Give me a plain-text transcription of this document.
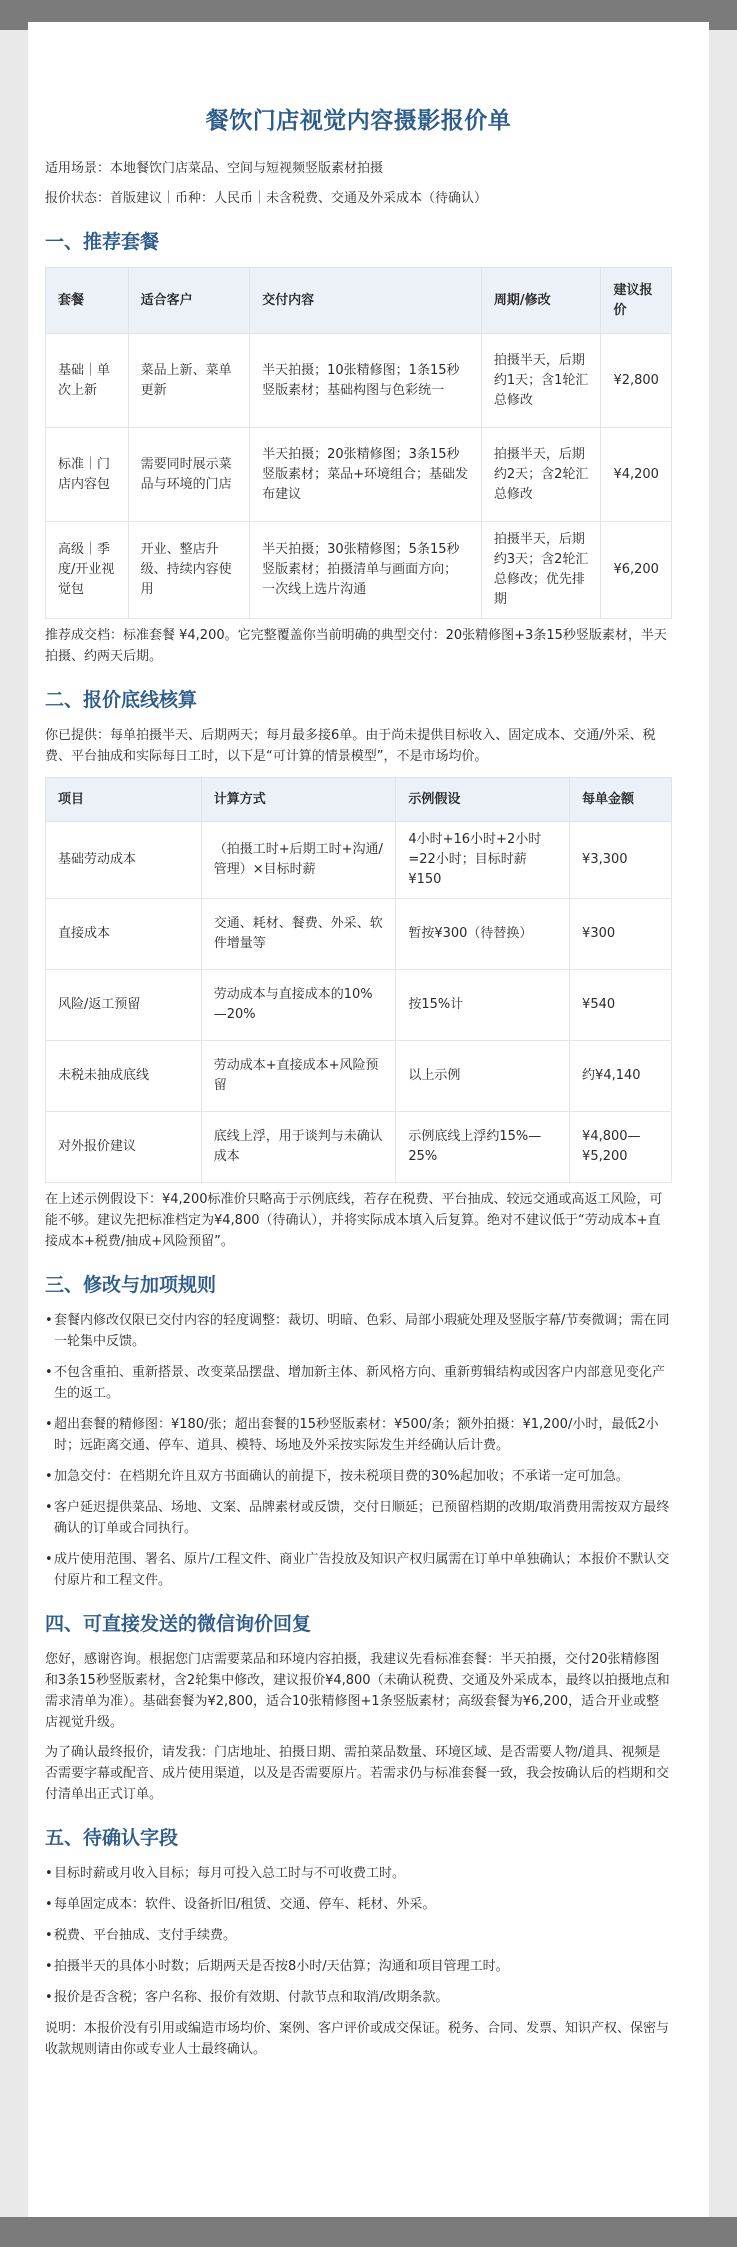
餐饮门店视觉内容摄影报价单
适用场景：本地餐饮门店菜品、空间与短视频竖版素材拍摄
报价状态：首版建议｜币种：人民币｜未含税费、交通及外采成本（待确认）
一、推荐套餐
套餐	适合客户	交付内容	周期/修改	建议报价
基础｜单次上新	菜品上新、菜单更新	半天拍摄；10张精修图；1条15秒竖版素材；基础构图与色彩统一	拍摄半天，后期约1天；含1轮汇总修改	¥2,800
标准｜门店内容包	需要同时展示菜品与环境的门店	半天拍摄；20张精修图；3条15秒竖版素材；菜品+环境组合；基础发布建议	拍摄半天，后期约2天；含2轮汇总修改	¥4,200
高级｜季度/开业视觉包	开业、整店升级、持续内容使用	半天拍摄；30张精修图；5条15秒竖版素材；拍摄清单与画面方向；一次线上选片沟通	拍摄半天，后期约3天；含2轮汇总修改；优先排期	¥6,200
推荐成交档：标准套餐 ¥4,200。它完整覆盖你当前明确的典型交付：20张精修图+3条15秒竖版素材，半天拍摄、约两天后期。
二、报价底线核算
你已提供：每单拍摄半天、后期两天；每月最多接6单。由于尚未提供目标收入、固定成本、交通/外采、税费、平台抽成和实际每日工时，以下是“可计算的情景模型”，不是市场均价。
项目	计算方式	示例假设	每单金额
基础劳动成本	（拍摄工时+后期工时+沟通/管理）×目标时薪	4小时+16小时+2小时=22小时；目标时薪¥150	¥3,300
直接成本	交通、耗材、餐费、外采、软件增量等	暂按¥300（待替换）	¥300
风险/返工预留	劳动成本与直接成本的10%—20%	按15%计	¥540
未税未抽成底线	劳动成本+直接成本+风险预留	以上示例	约¥4,140
对外报价建议	底线上浮，用于谈判与未确认成本	示例底线上浮约15%—25%	¥4,800—¥5,200
在上述示例假设下：¥4,200标准价只略高于示例底线，若存在税费、平台抽成、较远交通或高返工风险，可能不够。建议先把标准档定为¥4,800（待确认），并将实际成本填入后复算。绝对不建议低于“劳动成本+直接成本+税费/抽成+风险预留”。
三、修改与加项规则
• 套餐内修改仅限已交付内容的轻度调整：裁切、明暗、色彩、局部小瑕疵处理及竖版字幕/节奏微调；需在同一轮集中反馈。
• 不包含重拍、重新搭景、改变菜品摆盘、增加新主体、新风格方向、重新剪辑结构或因客户内部意见变化产生的返工。
• 超出套餐的精修图：¥180/张；超出套餐的15秒竖版素材：¥500/条；额外拍摄：¥1,200/小时，最低2小时；远距离交通、停车、道具、模特、场地及外采按实际发生并经确认后计费。
• 加急交付：在档期允许且双方书面确认的前提下，按未税项目费的30%起加收；不承诺一定可加急。
• 客户延迟提供菜品、场地、文案、品牌素材或反馈，交付日顺延；已预留档期的改期/取消费用需按双方最终确认的订单或合同执行。
• 成片使用范围、署名、原片/工程文件、商业广告投放及知识产权归属需在订单中单独确认；本报价不默认交付原片和工程文件。
四、可直接发送的微信询价回复
您好，感谢咨询。根据您门店需要菜品和环境内容拍摄，我建议先看标准套餐：半天拍摄，交付20张精修图和3条15秒竖版素材，含2轮集中修改，建议报价¥4,800（未确认税费、交通及外采成本，最终以拍摄地点和需求清单为准）。基础套餐为¥2,800，适合10张精修图+1条竖版素材；高级套餐为¥6,200，适合开业或整店视觉升级。
为了确认最终报价，请发我：门店地址、拍摄日期、需拍菜品数量、环境区域、是否需要人物/道具、视频是否需要字幕或配音、成片使用渠道，以及是否需要原片。若需求仍与标准套餐一致，我会按确认后的档期和交付清单出正式订单。
五、待确认字段
• 目标时薪或月收入目标；每月可投入总工时与不可收费工时。
• 每单固定成本：软件、设备折旧/租赁、交通、停车、耗材、外采。
• 税费、平台抽成、支付手续费。
• 拍摄半天的具体小时数；后期两天是否按8小时/天估算；沟通和项目管理工时。
• 报价是否含税；客户名称、报价有效期、付款节点和取消/改期条款。
说明：本报价没有引用或编造市场均价、案例、客户评价或成交保证。税务、合同、发票、知识产权、保密与收款规则请由你或专业人士最终确认。
